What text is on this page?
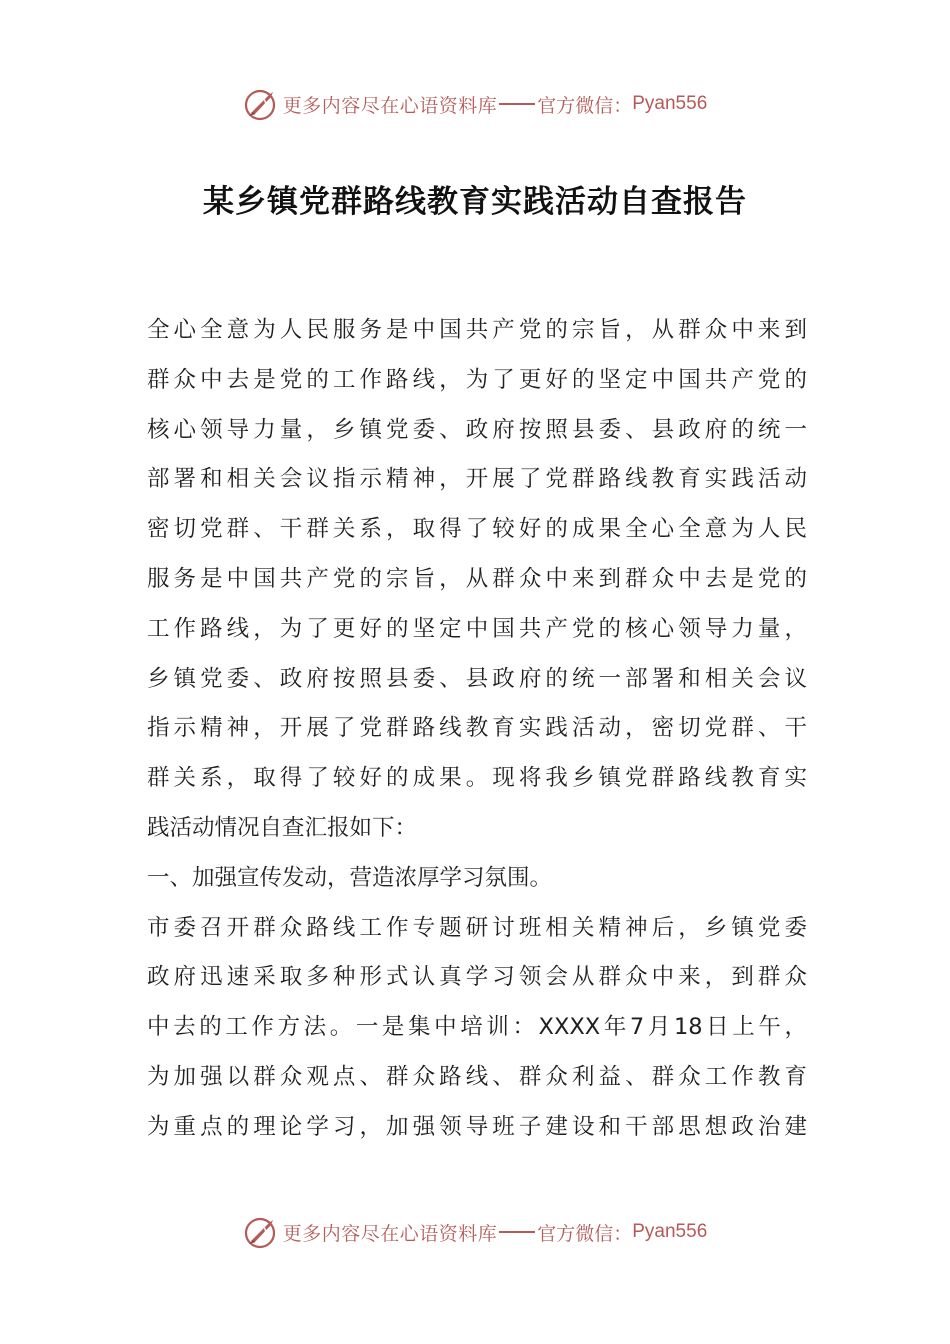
更多内容尽在心语资料库 官方微信： Pyan556
某乡镇党群路线教育实践活动自查报告
全心全意为人民服务是中国共产党的宗旨，从群众中来到
群众中去是党的工作路线，为了更好的坚定中国共产党的
核心领导力量，乡镇党委、政府按照县委、县政府的统一
部署和相关会议指示精神，开展了党群路线教育实践活动
密切党群、干群关系，取得了较好的成果全心全意为人民
服务是中国共产党的宗旨，从群众中来到群众中去是党的
工作路线，为了更好的坚定中国共产党的核心领导力量，
乡镇党委、政府按照县委、县政府的统一部署和相关会议
指示精神，开展了党群路线教育实践活动，密切党群、干
群关系，取得了较好的成果。现将我乡镇党群路线教育实
践活动情况自查汇报如下：
一、加强宣传发动，营造浓厚学习氛围。
市委召开群众路线工作专题研讨班相关精神后，乡镇党委
政府迅速采取多种形式认真学习领会从群众中来，到群众
中去的工作方法。一是集中培训：XXXX年7月18日上午，
为加强以群众观点、群众路线、群众利益、群众工作教育
为重点的理论学习，加强领导班子建设和干部思想政治建
更多内容尽在心语资料库 官方微信： Pyan556
